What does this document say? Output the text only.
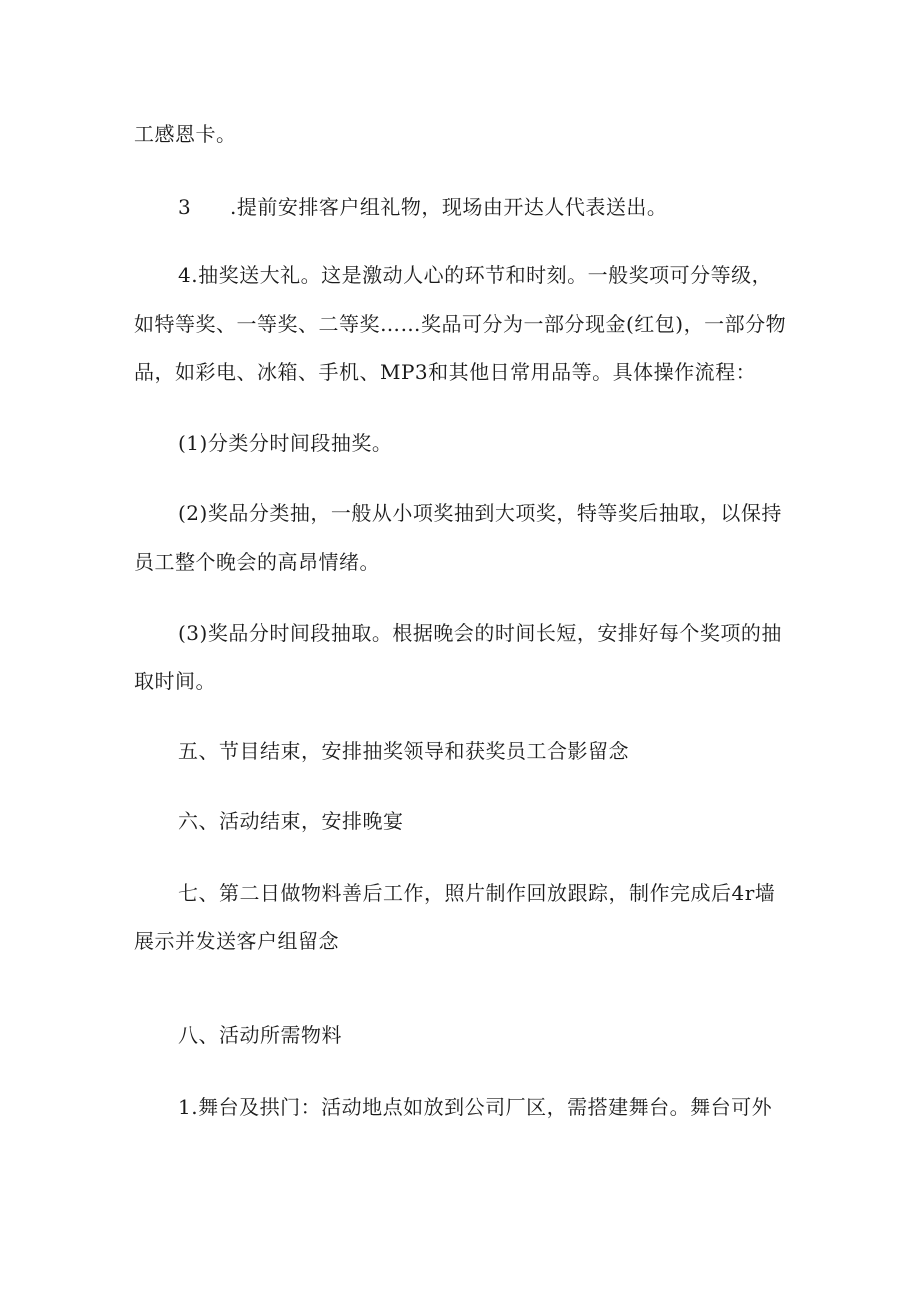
工感恩卡。
3 .提前安排客户组礼物，现场由开达人代表送出。
4.抽奖送大礼。这是激动人心的环节和时刻。一般奖项可分等级，
如特等奖、一等奖、二等奖……奖品可分为一部分现金(红包)，一部分物
品，如彩电、冰箱、手机、MP3和其他日常用品等。具体操作流程：
(1)分类分时间段抽奖。
(2)奖品分类抽，一般从小项奖抽到大项奖，特等奖后抽取，以保持
员工整个晚会的高昂情绪。
(3)奖品分时间段抽取。根据晚会的时间长短，安排好每个奖项的抽
取时间。
五、节目结束，安排抽奖领导和获奖员工合影留念
六、活动结束，安排晚宴
七、第二日做物料善后工作，照片制作回放跟踪，制作完成后4r墙
展示并发送客户组留念
八、活动所需物料
1.舞台及拱门：活动地点如放到公司厂区，需搭建舞台。舞台可外
